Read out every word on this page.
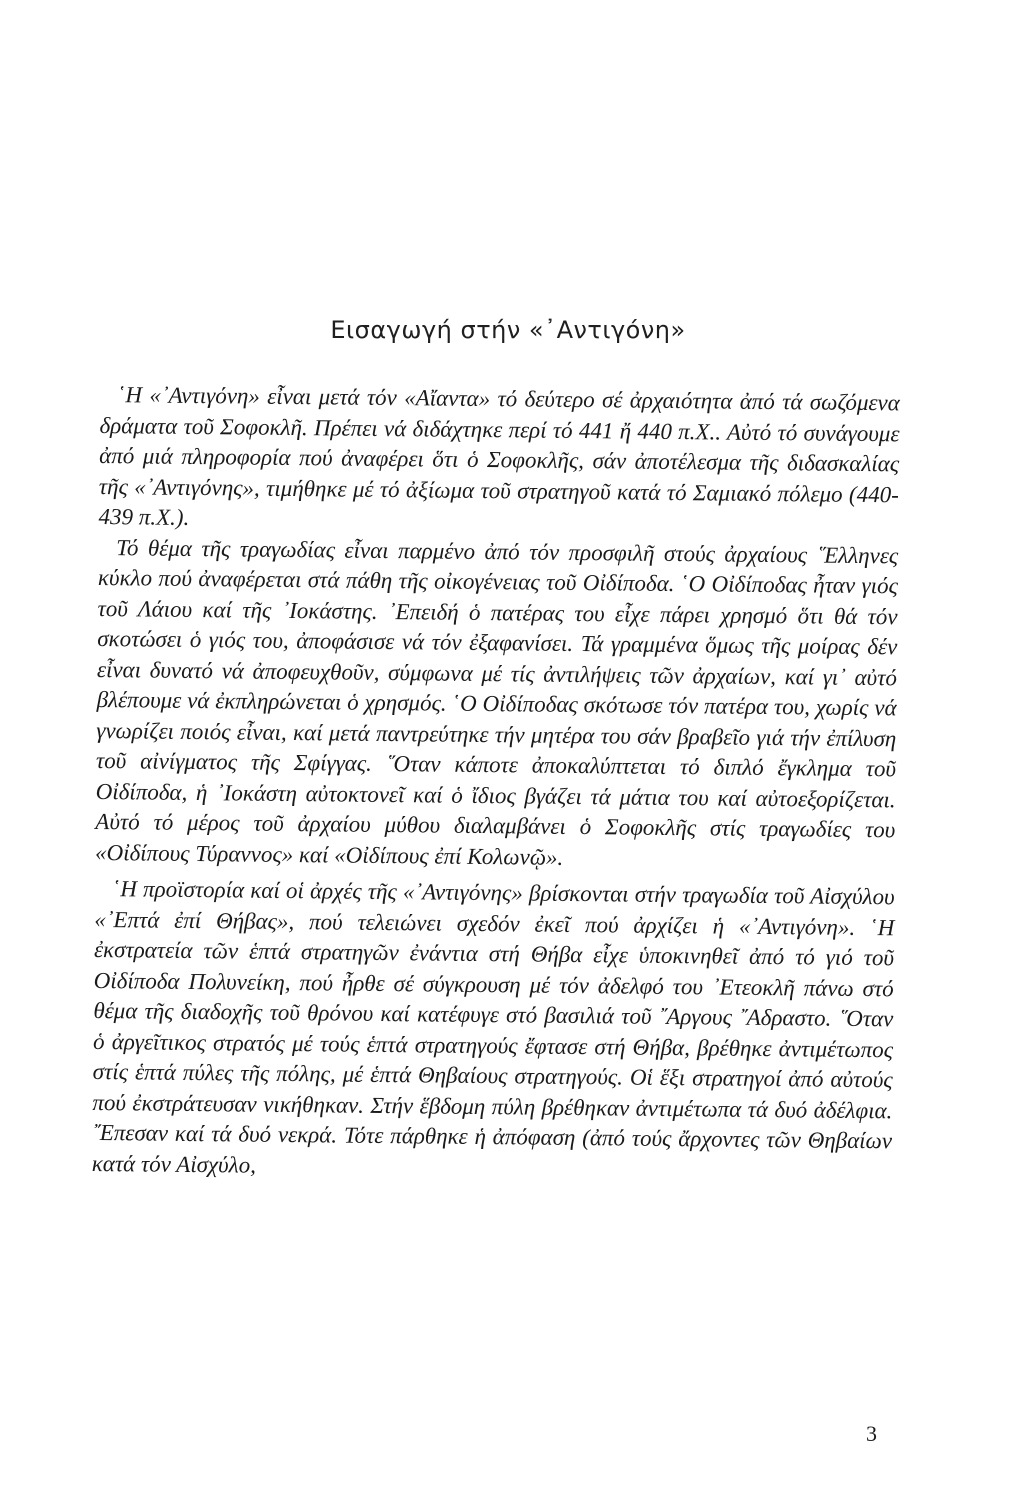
Εισαγωγή στήν «᾽Αντιγόνη»

῾Η «᾽Αντιγόνη» εἶναι μετά τόν «Αἴαντα» τό δεύτερο σέ ἀρχαιότητα ἀπό τά σωζόμενα δράματα τοῦ Σοφοκλῆ. Πρέπει νά διδάχτηκε περί τό 441 ἤ 440 π.Χ.. Αὐτό τό συνάγουμε ἀπό μιά πληροφορία πού ἀναφέρει ὅτι ὁ Σοφοκλῆς, σάν ἀποτέλεσμα τῆς διδασκαλίας τῆς «᾽Αντιγόνης», τιμήθηκε μέ τό ἀξίωμα τοῦ στρατηγοῦ κατά τό Σαμιακό πόλεμο (440-439 π.Χ.).

Τό θέμα τῆς τραγωδίας εἶναι παρμένο ἀπό τόν προσφιλῆ στούς ἀρχαίους ῞Ελληνες κύκλο πού ἀναφέρεται στά πάθη τῆς οἰκογένειας τοῦ Οἰδίποδα. ῾Ο Οἰδίποδας ἦταν γιός τοῦ Λάιου καί τῆς ᾽Ιοκάστης. ᾽Επειδή ὁ πατέρας του εἶχε πάρει χρησμό ὅτι θά τόν σκοτώσει ὁ γιός του, ἀποφάσισε νά τόν ἐξαφανίσει. Τά γραμμένα ὅμως τῆς μοίρας δέν εἶναι δυνατό νά ἀποφευχθοῦν, σύμφωνα μέ τίς ἀντιλήψεις τῶν ἀρχαίων, καί γι᾽ αὐτό βλέπουμε νά ἐκπληρώνεται ὁ χρησμός. ῾Ο Οἰδίποδας σκότωσε τόν πατέρα του, χωρίς νά γνωρίζει ποιός εἶναι, καί μετά παντρεύτηκε τήν μητέρα του σάν βραβεῖο γιά τήν ἐπίλυση τοῦ αἰνίγματος τῆς Σφίγγας. ῞Οταν κάποτε ἀποκαλύπτεται τό διπλό ἔγκλημα τοῦ Οἰδίποδα, ἡ ᾽Ιοκάστη αὐτοκτονεῖ καί ὁ ἴδιος βγάζει τά μάτια του καί αὐτοεξορίζεται. Αὐτό τό μέρος τοῦ ἀρχαίου μύθου διαλαμβάνει ὁ Σοφοκλῆς στίς τραγωδίες του «Οἰδίπους Τύραννος» καί «Οἰδίπους ἐπί Κολωνῷ».

῾Η προϊστορία καί οἱ ἀρχές τῆς «᾽Αντιγόνης» βρίσκονται στήν τραγωδία τοῦ Αἰσχύλου «᾽Επτά ἐπί Θήβας», πού τελειώνει σχεδόν ἐκεῖ πού ἀρχίζει ἡ «᾽Αντιγόνη». ῾Η ἐκστρατεία τῶν ἑπτά στρατηγῶν ἐνάντια στή Θήβα εἶχε ὑποκινηθεῖ ἀπό τό γιό τοῦ Οἰδίποδα Πολυνείκη, πού ἦρθε σέ σύγκρουση μέ τόν ἀδελφό του ᾽Ετεοκλῆ πάνω στό θέμα τῆς διαδοχῆς τοῦ θρόνου καί κατέφυγε στό βασιλιά τοῦ ῎Αργους ῎Αδραστο. ῞Οταν ὁ ἀργεῖτικος στρατός μέ τούς ἑπτά στρατηγούς ἔφτασε στή Θήβα, βρέθηκε ἀντιμέτωπος στίς ἑπτά πύλες τῆς πόλης, μέ ἑπτά Θηβαίους στρατηγούς. Οἱ ἕξι στρατηγοί ἀπό αὐτούς πού ἐκστράτευσαν νικήθηκαν. Στήν ἕβδομη πύλη βρέθηκαν ἀντιμέτωπα τά δυό ἀδέλφια. ῎Επεσαν καί τά δυό νεκρά. Τότε πάρθηκε ἡ ἀπόφαση (ἀπό τούς ἄρχοντες τῶν Θηβαίων κατά τόν Αἰσχύλο,

3
